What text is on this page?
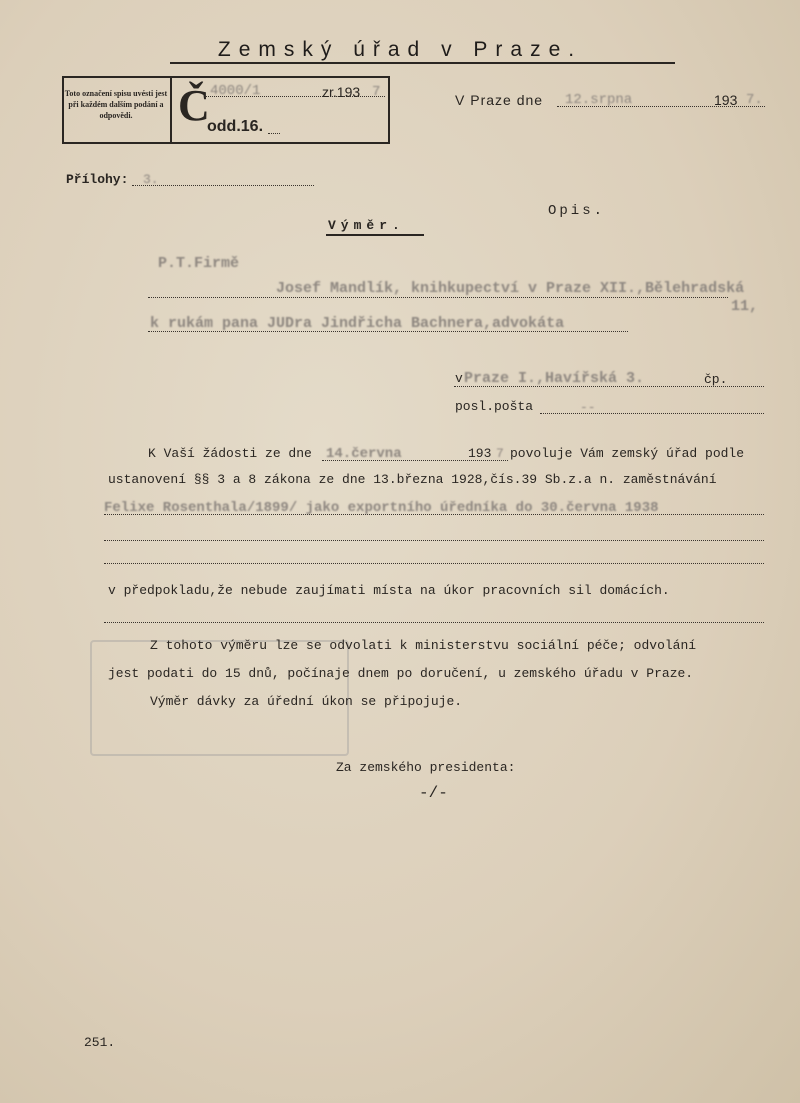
Zemský úřad v Praze.
Toto označení spisu uvésti jest při každém dalším podání a odpovědi.	Č 4000/1	zr.193 7
odd.16.
V Praze dne 12.srpna	193 7.
Přílohy: 3.
Opis.
Výměr.
P.T.Firmě
Josef Mandlík, knihkupectví v Praze XII.,Bělehradská
11,
k rukám pana JUDra Jindřicha Bachnera,advokáta
v Praze I.,Havířská 3.	čp.
posl.pošta	--
K Vaší žádosti ze dne 14.června	193 7 povoluje Vám zemský úřad podle
ustanovení §§ 3 a 8 zákona ze dne 13.března 1928,čís.39 Sb.z.a n. zaměstnávání
Felixe Rosenthala/1899/ jako exportního úředníka do 30.června 1938
v předpokladu,že nebude zaujímati místa na úkor pracovních sil domácích.
Z tohoto výměru lze se odvolati k ministerstvu sociální péče; odvolání
jest podati do 15 dnů, počínaje dnem po doručení, u zemského úřadu v Praze.
Výměr dávky za úřední úkon se připojuje.
Za zemského presidenta:
-/-
251.
